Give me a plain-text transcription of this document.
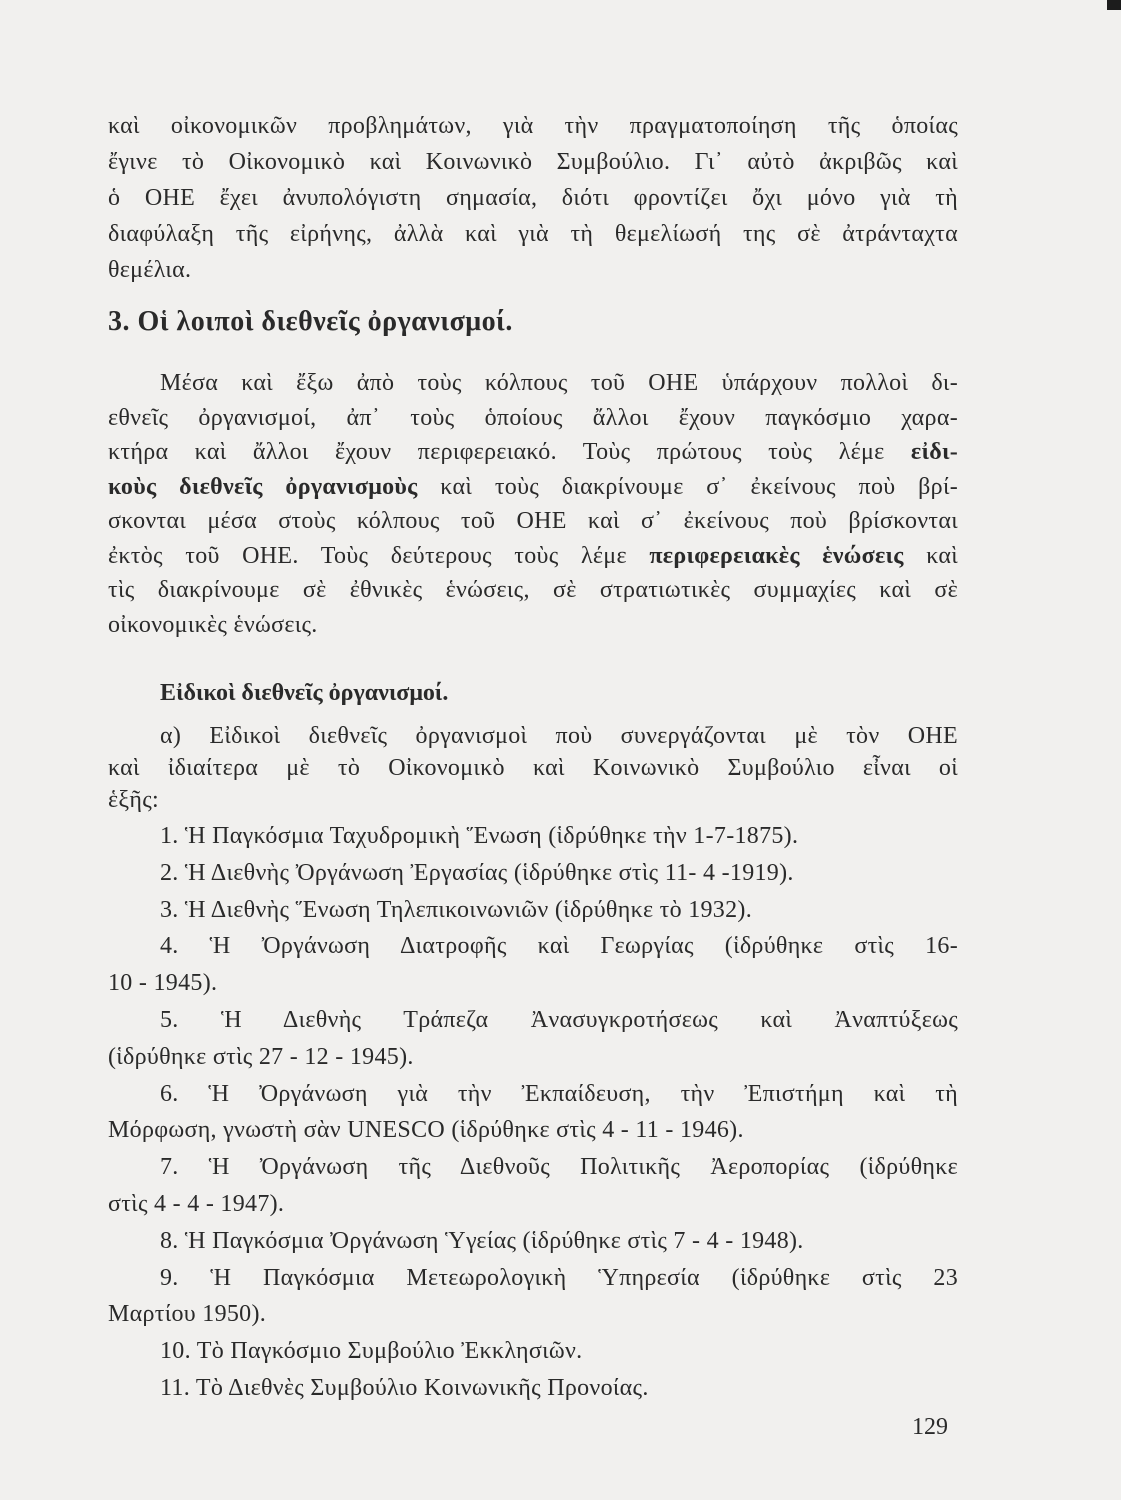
καὶ οἰκονομικῶν προβλημάτων, γιὰ τὴν πραγματοποίηση τῆς ὁποίας
ἔγινε τὸ Οἰκονομικὸ καὶ Κοινωνικὸ Συμβούλιο. Γι᾽ αὐτὸ ἀκριβῶς καὶ
ὁ ΟΗΕ ἔχει ἀνυπολόγιστη σημασία, διότι φροντίζει ὄχι μόνο γιὰ τὴ
διαφύλαξη τῆς εἰρήνης, ἀλλὰ καὶ γιὰ τὴ θεμελίωσή της σὲ ἀτράνταχτα
θεμέλια.
3. Οἱ λοιποὶ διεθνεῖς ὀργανισμοί.
Μέσα καὶ ἔξω ἀπὸ τοὺς κόλπους τοῦ ΟΗΕ ὑπάρχουν πολλοὶ δι-
εθνεῖς ὀργανισμοί, ἀπ᾽ τοὺς ὁποίους ἄλλοι ἔχουν παγκόσμιο χαρα-
κτήρα καὶ ἄλλοι ἔχουν περιφερειακό. Τοὺς πρώτους τοὺς λέμε εἰδι-
κοὺς διεθνεῖς ὀργανισμοὺς καὶ τοὺς διακρίνουμε σ᾽ ἐκείνους ποὺ βρί-
σκονται μέσα στοὺς κόλπους τοῦ ΟΗΕ καὶ σ᾽ ἐκείνους ποὺ βρίσκονται
ἐκτὸς τοῦ ΟΗΕ. Τοὺς δεύτερους τοὺς λέμε περιφερειακὲς ἑνώσεις καὶ
τὶς διακρίνουμε σὲ ἐθνικὲς ἑνώσεις, σὲ στρατιωτικὲς συμμαχίες καὶ σὲ
οἰκονομικὲς ἑνώσεις.
Εἰδικοὶ διεθνεῖς ὀργανισμοί.
α) Εἰδικοὶ διεθνεῖς ὀργανισμοὶ ποὺ συνεργάζονται μὲ τὸν ΟΗΕ
καὶ ἰδιαίτερα μὲ τὸ Οἰκονομικὸ καὶ Κοινωνικὸ Συμβούλιο εἶναι οἱ
ἑξῆς:
1. Ἡ Παγκόσμια Ταχυδρομικὴ Ἕνωση (ἱδρύθηκε τὴν 1-7-1875).
2. Ἡ Διεθνὴς Ὀργάνωση Ἐργασίας (ἱδρύθηκε στὶς 11- 4 -1919).
3. Ἡ Διεθνὴς Ἕνωση Τηλεπικοινωνιῶν (ἱδρύθηκε τὸ 1932).
4. Ἡ Ὀργάνωση Διατροφῆς καὶ Γεωργίας (ἱδρύθηκε στὶς 16-
10 - 1945).
5. Ἡ Διεθνὴς Τράπεζα Ἀνασυγκροτήσεως καὶ Ἀναπτύξεως
(ἱδρύθηκε στὶς 27 - 12 - 1945).
6. Ἡ Ὀργάνωση γιὰ τὴν Ἐκπαίδευση, τὴν Ἐπιστήμη καὶ τὴ
Μόρφωση, γνωστὴ σὰν UNESCO (ἱδρύθηκε στὶς 4 - 11 - 1946).
7. Ἡ Ὀργάνωση τῆς Διεθνοῦς Πολιτικῆς Ἀεροπορίας (ἱδρύθηκε
στὶς 4 - 4 - 1947).
8. Ἡ Παγκόσμια Ὀργάνωση Ὑγείας (ἱδρύθηκε στὶς 7 - 4 - 1948).
9. Ἡ Παγκόσμια Μετεωρολογικὴ Ὑπηρεσία (ἱδρύθηκε στὶς 23
Μαρτίου 1950).
10. Τὸ Παγκόσμιο Συμβούλιο Ἐκκλησιῶν.
11. Τὸ Διεθνὲς Συμβούλιο Κοινωνικῆς Προνοίας.
129
